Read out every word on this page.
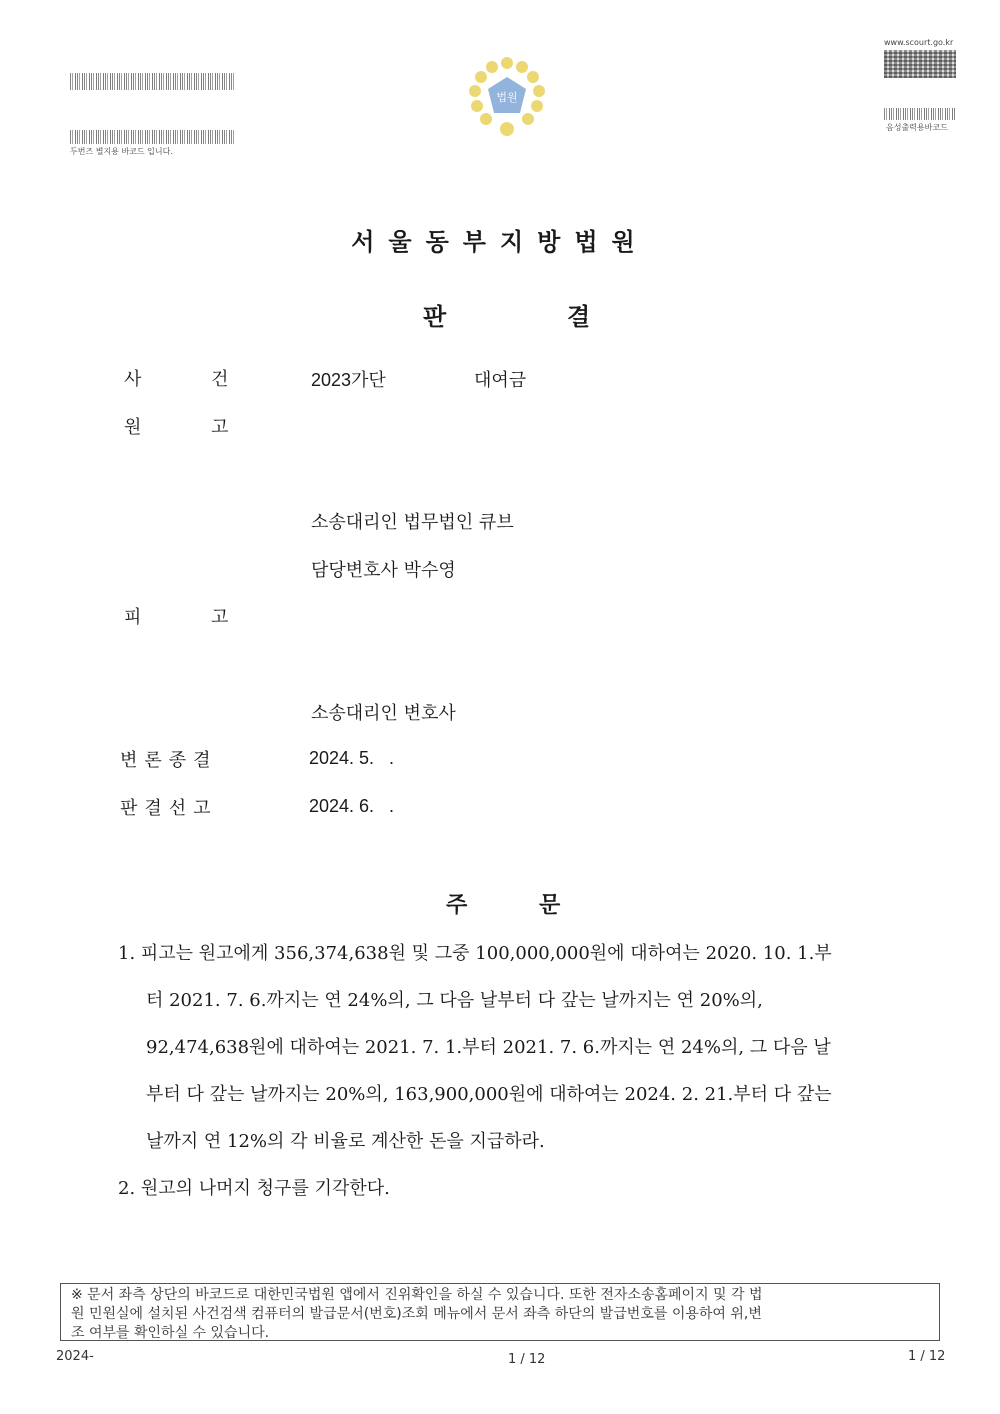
두번즈 별지용 바코드 입니다.
법원
www.scourt.go.kr
음성출력용바코드
서울동부지방법원
판	결
사	건	2023가단	대여금
원	고
소송대리인 법무법인 큐브
담당변호사 박수영
피	고
소송대리인 변호사
변론종결	2024. 5.   .
판결선고	2024. 6.   .
주	문
1. 피고는 원고에게 356,374,638원 및 그중 100,000,000원에 대하여는 2020. 10. 1.부
터 2021. 7. 6.까지는 연 24%의, 그 다음 날부터 다 갚는 날까지는 연 20%의,
92,474,638원에 대하여는 2021. 7. 1.부터 2021. 7. 6.까지는 연 24%의, 그 다음 날
부터 다 갚는 날까지는 20%의, 163,900,000원에 대하여는 2024. 2. 21.부터 다 갚는
날까지 연 12%의 각 비율로 계산한 돈을 지급하라.
2. 원고의 나머지 청구를 기각한다.
※ 문서 좌측 상단의 바코드로 대한민국법원 앱에서 진위확인을 하실 수 있습니다. 또한 전자소송홈페이지 및 각 법
원 민원실에 설치된 사건검색 컴퓨터의 발급문서(번호)조회 메뉴에서 문서 좌측 하단의 발급번호를 이용하여 위,변
조 여부를 확인하실 수 있습니다.
2024-	1 / 12	1 / 12
